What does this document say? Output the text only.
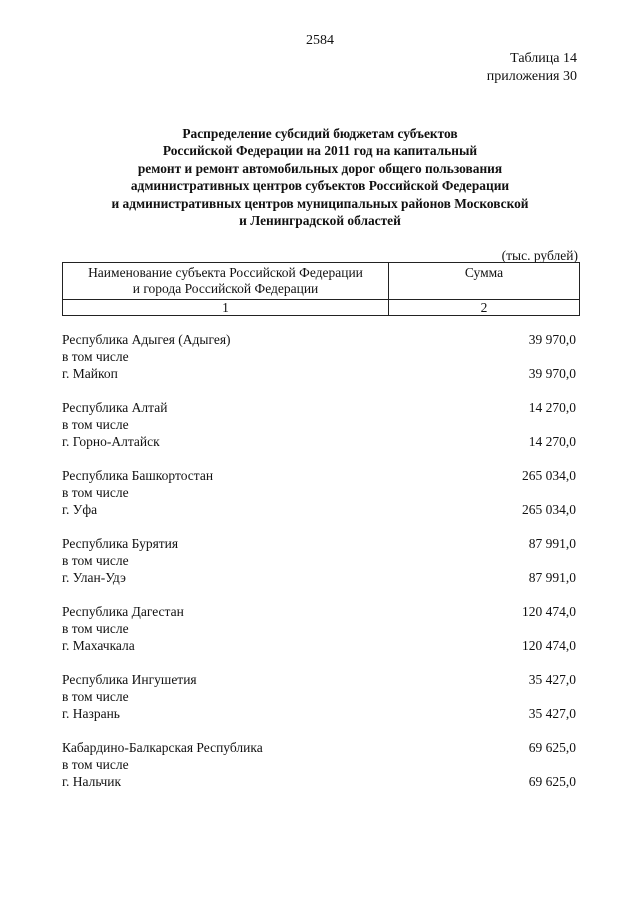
2584
Таблица 14
приложения 30
Распределение субсидий бюджетам субъектов
Российской Федерации на 2011 год на капитальный
ремонт и ремонт автомобильных дорог общего пользования
административных центров субъектов Российской Федерации
и административных центров муниципальных районов Московской
и Ленинградской областей
(тыс. рублей)
Наименование субъекта Российской Федерации
и города Российской Федерации	Сумма
1	2
Республика Адыгея (Адыгея)	39 970,0
в том числе
г. Майкоп	39 970,0
Республика Алтай	14 270,0
в том числе
г. Горно-Алтайск	14 270,0
Республика Башкортостан	265 034,0
в том числе
г. Уфа	265 034,0
Республика Бурятия	87 991,0
в том числе
г. Улан-Удэ	87 991,0
Республика Дагестан	120 474,0
в том числе
г. Махачкала	120 474,0
Республика Ингушетия	35 427,0
в том числе
г. Назрань	35 427,0
Кабардино-Балкарская Республика	69 625,0
в том числе
г. Нальчик	69 625,0
